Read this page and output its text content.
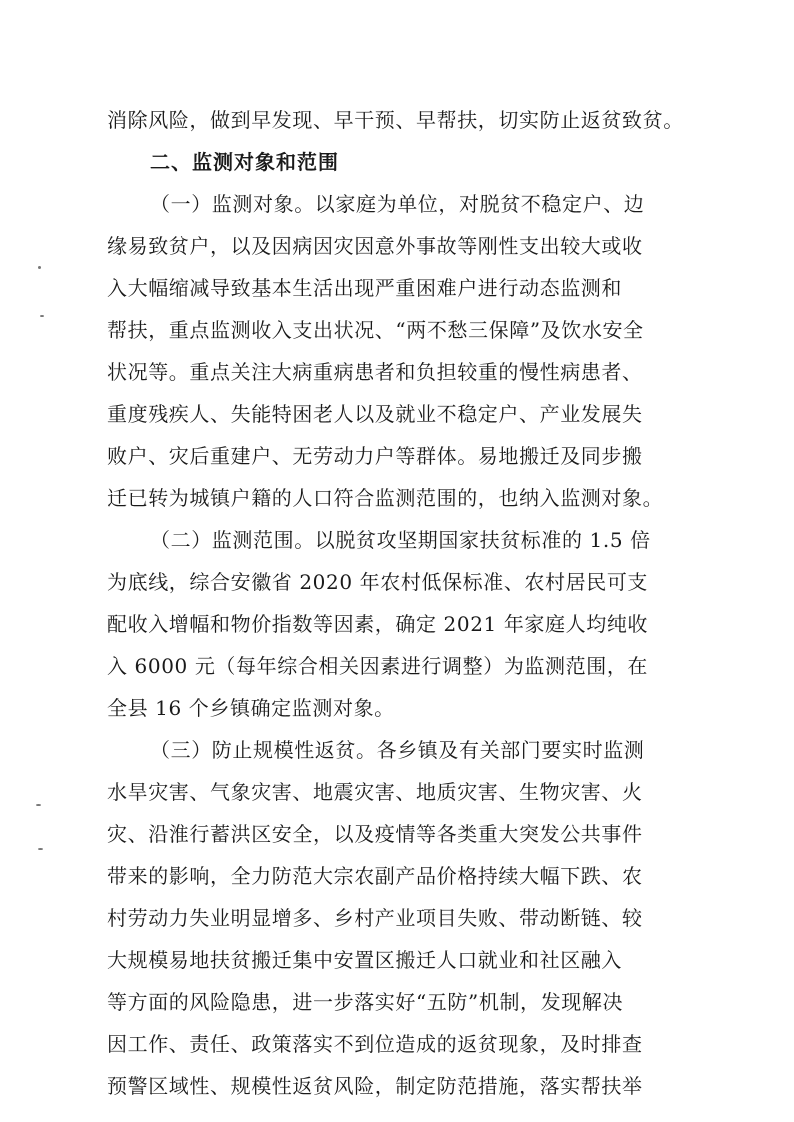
消除风险，做到早发现、早干预、早帮扶，切实防止返贫致贫。
二、监测对象和范围
（一）监测对象。以家庭为单位，对脱贫不稳定户、边
缘易致贫户，以及因病因灾因意外事故等刚性支出较大或收
入大幅缩减导致基本生活出现严重困难户进行动态监测和
帮扶，重点监测收入支出状况、“两不愁三保障”及饮水安全
状况等。重点关注大病重病患者和负担较重的慢性病患者、
重度残疾人、失能特困老人以及就业不稳定户、产业发展失
败户、灾后重建户、无劳动力户等群体。易地搬迁及同步搬
迁已转为城镇户籍的人口符合监测范围的，也纳入监测对象。
（二）监测范围。以脱贫攻坚期国家扶贫标准的 1.5 倍
为底线，综合安徽省 2020 年农村低保标准、农村居民可支
配收入增幅和物价指数等因素，确定 2021 年家庭人均纯收
入 6000 元（每年综合相关因素进行调整）为监测范围，在
全县 16 个乡镇确定监测对象。
（三）防止规模性返贫。各乡镇及有关部门要实时监测
水旱灾害、气象灾害、地震灾害、地质灾害、生物灾害、火
灾、沿淮行蓄洪区安全，以及疫情等各类重大突发公共事件
带来的影响，全力防范大宗农副产品价格持续大幅下跌、农
村劳动力失业明显增多、乡村产业项目失败、带动断链、较
大规模易地扶贫搬迁集中安置区搬迁人口就业和社区融入
等方面的风险隐患，进一步落实好“五防”机制，发现解决
因工作、责任、政策落实不到位造成的返贫现象，及时排查
预警区域性、规模性返贫风险，制定防范措施，落实帮扶举
